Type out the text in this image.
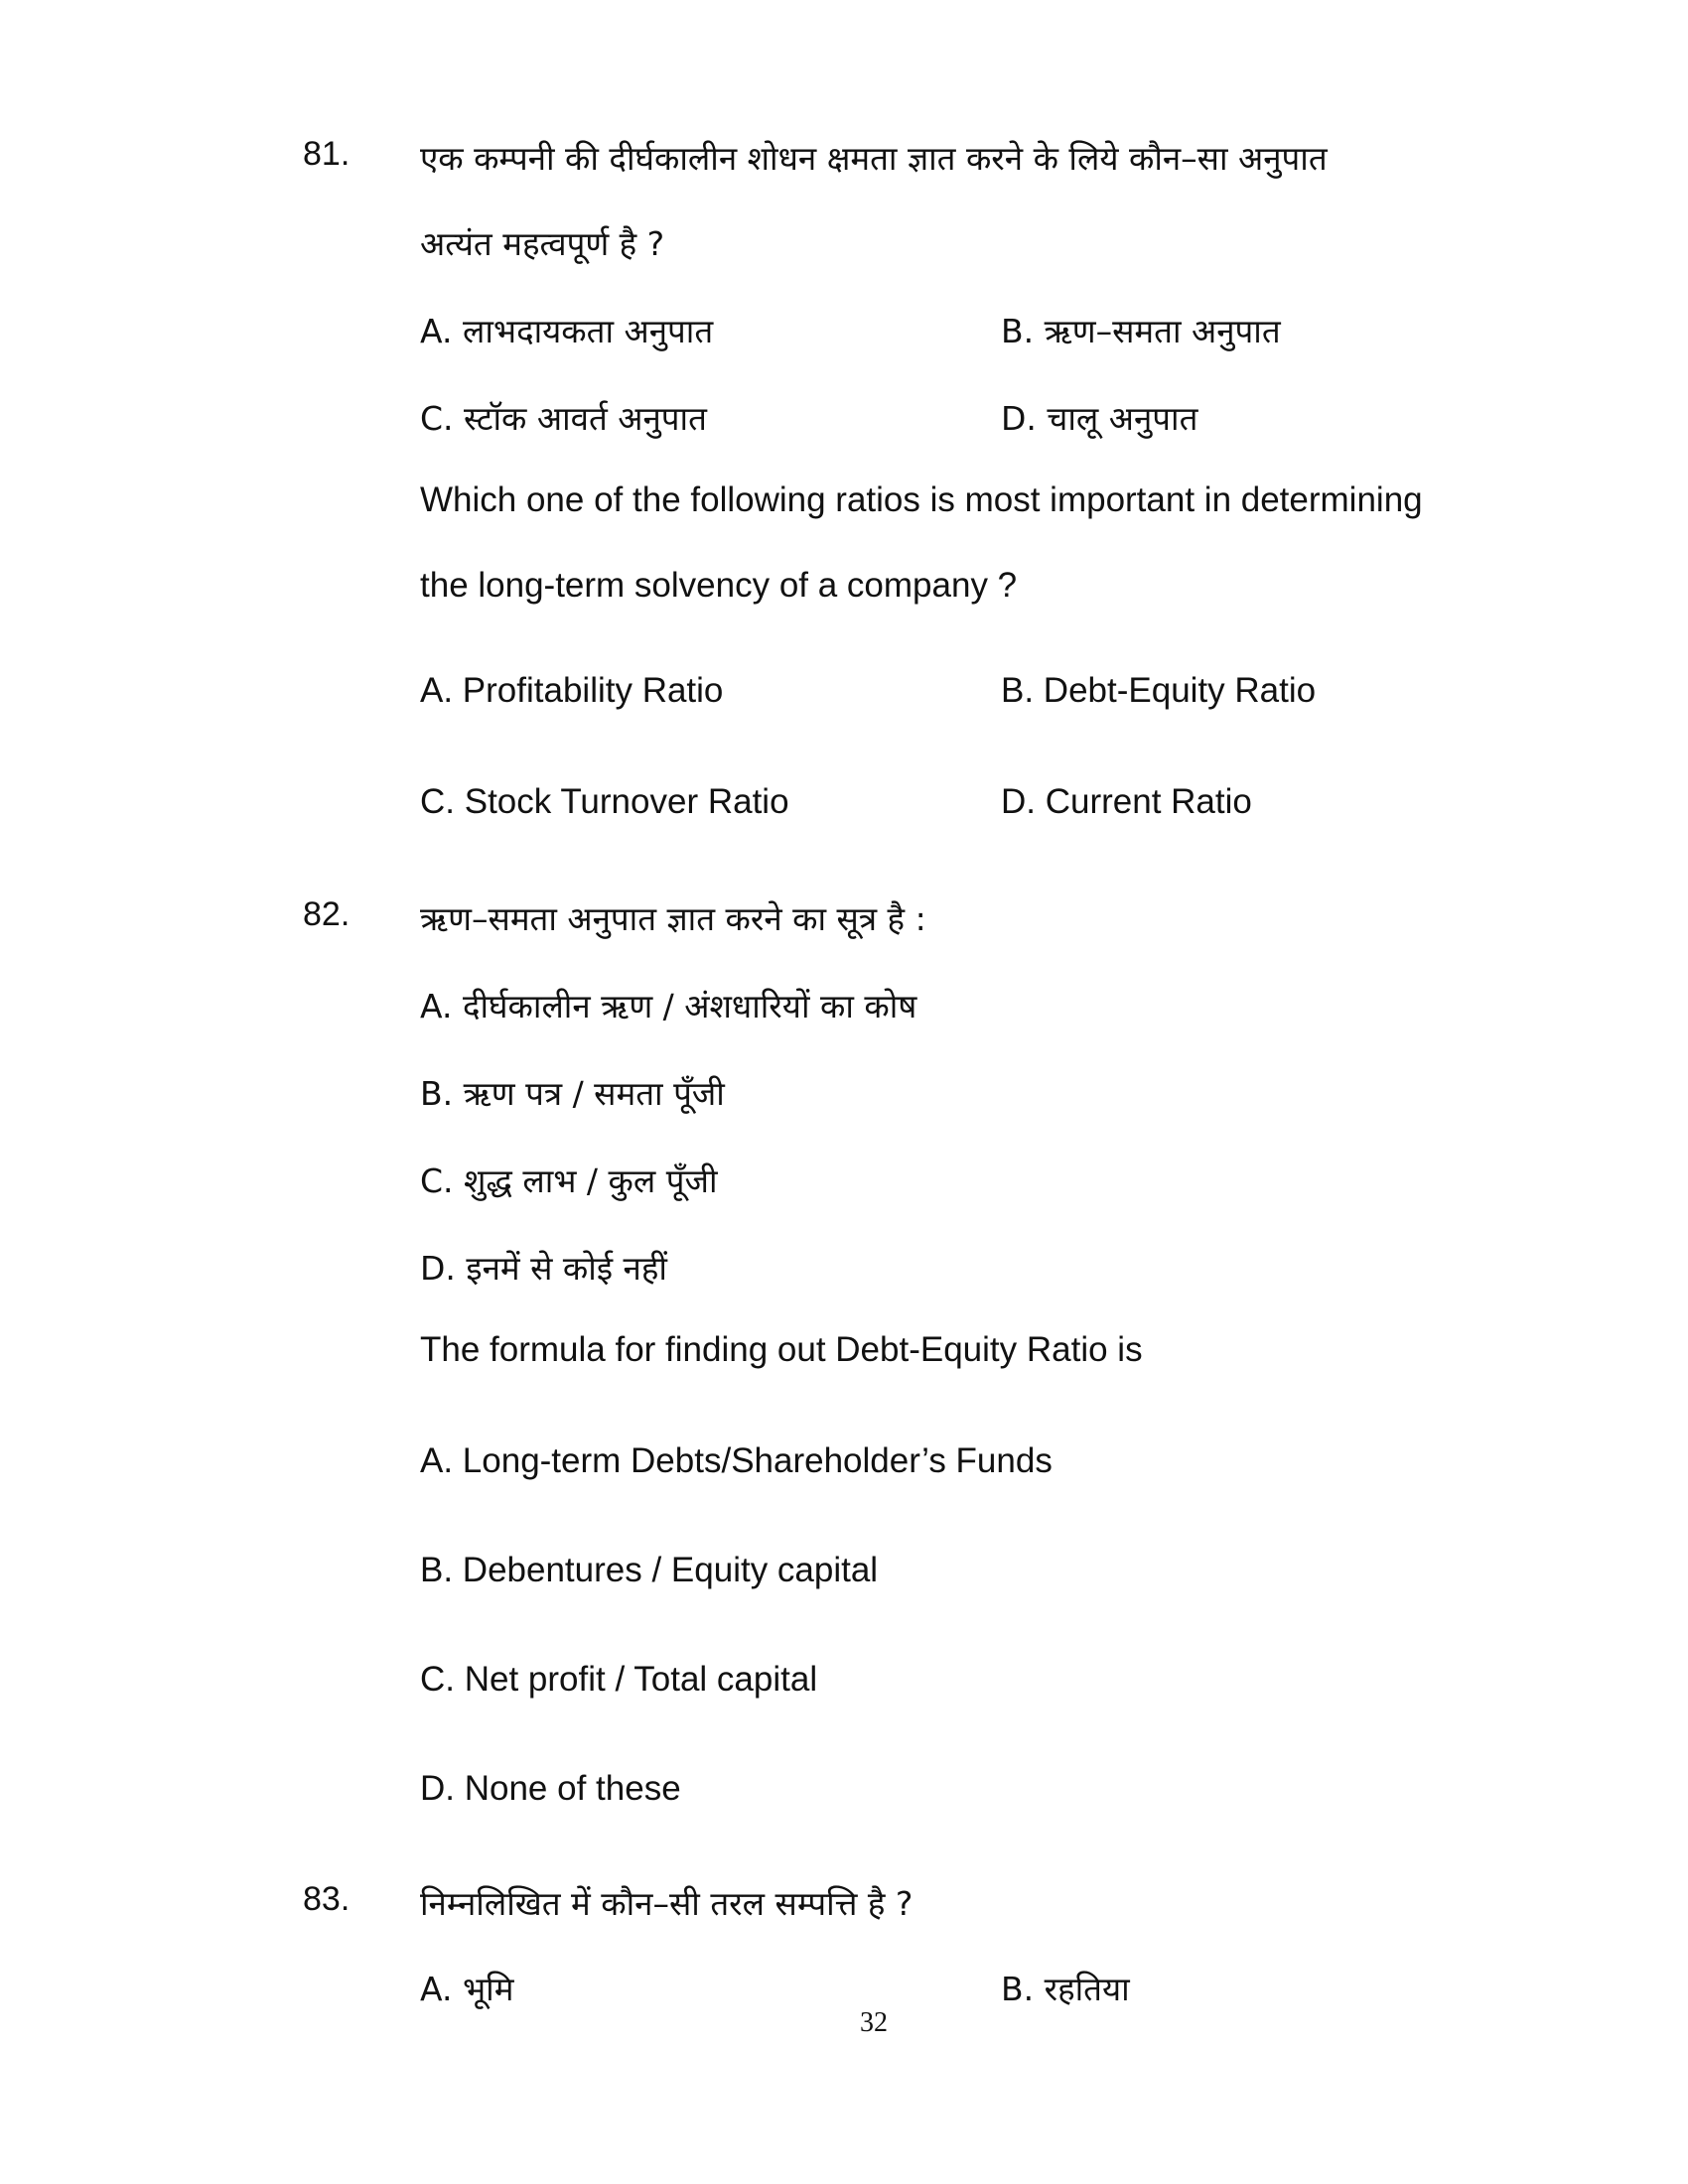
81. एक कम्पनी की दीर्घकालीन शोधन क्षमता ज्ञात करने के लिये कौन–सा अनुपात
अत्यंत महत्वपूर्ण है ?
A. लाभदायकता अनुपात	B. ऋण–समता अनुपात
C. स्टॉक आवर्त अनुपात	D. चालू अनुपात
Which one of the following ratios is most important in determining
the long-term solvency of a company ?
A. Profitability Ratio	B. Debt-Equity Ratio
C. Stock Turnover Ratio	D. Current Ratio
82. ऋण–समता अनुपात ज्ञात करने का सूत्र है :
A. दीर्घकालीन ऋण / अंशधारियों का कोष
B. ऋण पत्र / समता पूँजी
C. शुद्ध लाभ / कुल पूँजी
D. इनमें से कोई नहीं
The formula for finding out Debt-Equity Ratio is
A. Long-term Debts/Shareholder’s Funds
B. Debentures / Equity capital
C. Net profit / Total capital
D. None of these
83. निम्नलिखित में कौन–सी तरल सम्पत्ति है ?
A. भूमि	B. रहतिया
32
